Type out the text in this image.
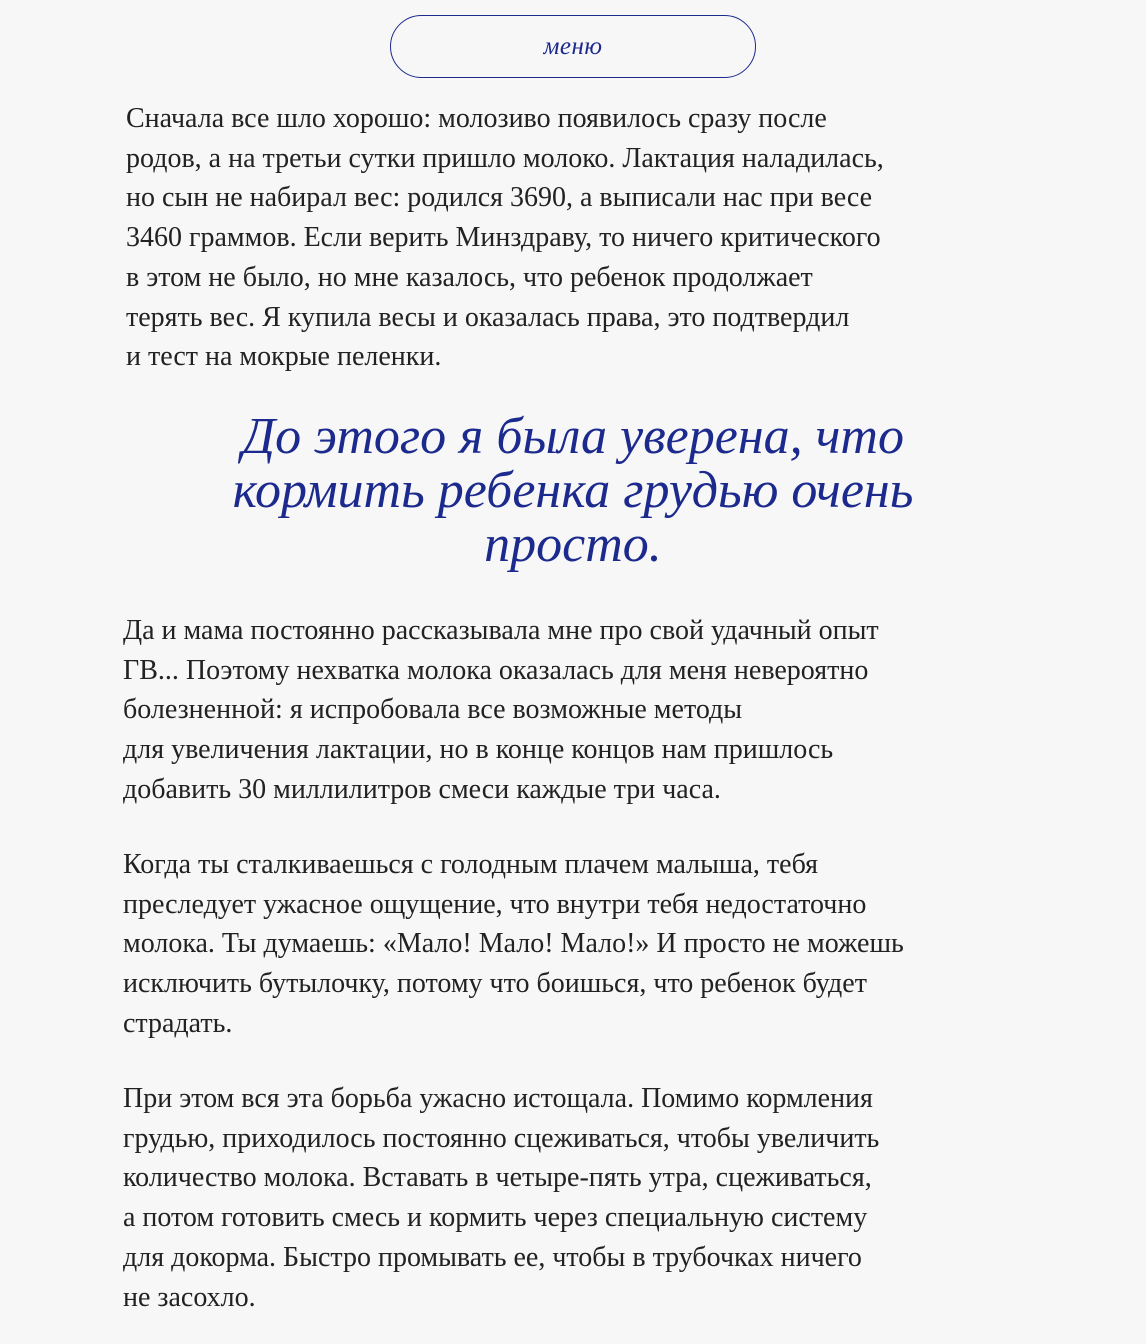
меню

Сначала все шло хорошо: молозиво появилось сразу после
родов, а на третьи сутки пришло молоко. Лактация наладилась,
но сын не набирал вес: родился 3690, а выписали нас при весе
3460 граммов. Если верить Минздраву, то ничего критического
в этом не было, но мне казалось, что ребенок продолжает
терять вес. Я купила весы и оказалась права, это подтвердил
и тест на мокрые пеленки.

До этого я была уверена, что
кормить ребенка грудью очень
просто.

Да и мама постоянно рассказывала мне про свой удачный опыт
ГВ... Поэтому нехватка молока оказалась для меня невероятно
болезненной: я испробовала все возможные методы
для увеличения лактации, но в конце концов нам пришлось
добавить 30 миллилитров смеси каждые три часа.

Когда ты сталкиваешься с голодным плачем малыша, тебя
преследует ужасное ощущение, что внутри тебя недостаточно
молока. Ты думаешь: «Мало! Мало! Мало!» И просто не можешь
исключить бутылочку, потому что боишься, что ребенок будет
страдать.

При этом вся эта борьба ужасно истощала. Помимо кормления
грудью, приходилось постоянно сцеживаться, чтобы увеличить
количество молока. Вставать в четыре-пять утра, сцеживаться,
а потом готовить смесь и кормить через специальную систему
для докорма. Быстро промывать ее, чтобы в трубочках ничего
не засохло.
